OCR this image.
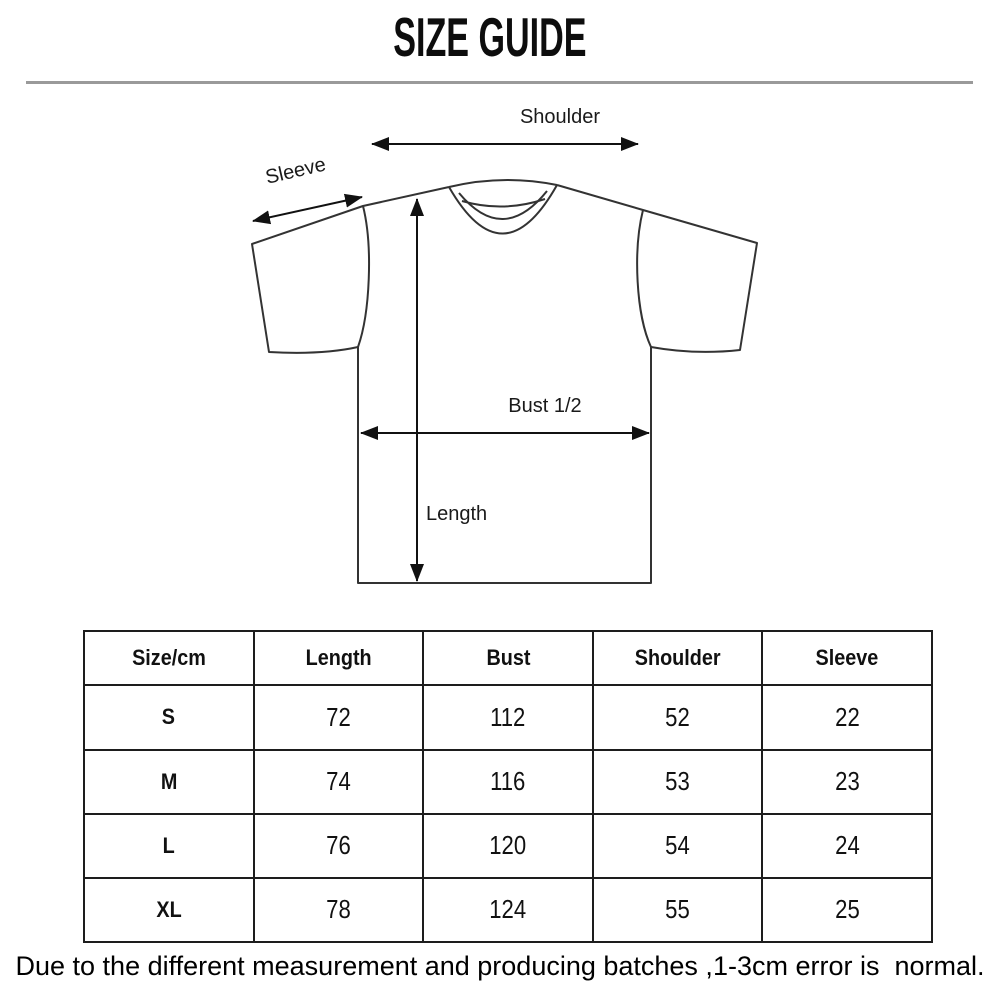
SIZE GUIDE
Shoulder
Sleeve
Bust 1/2
Length
Size/cm	Length	Bust	Shoulder	Sleeve
S	72	112	52	22
M	74	116	53	23
L	76	120	54	24
XL	78	124	55	25
Due to the different measurement and producing batches ,1-3cm error is  normal.
